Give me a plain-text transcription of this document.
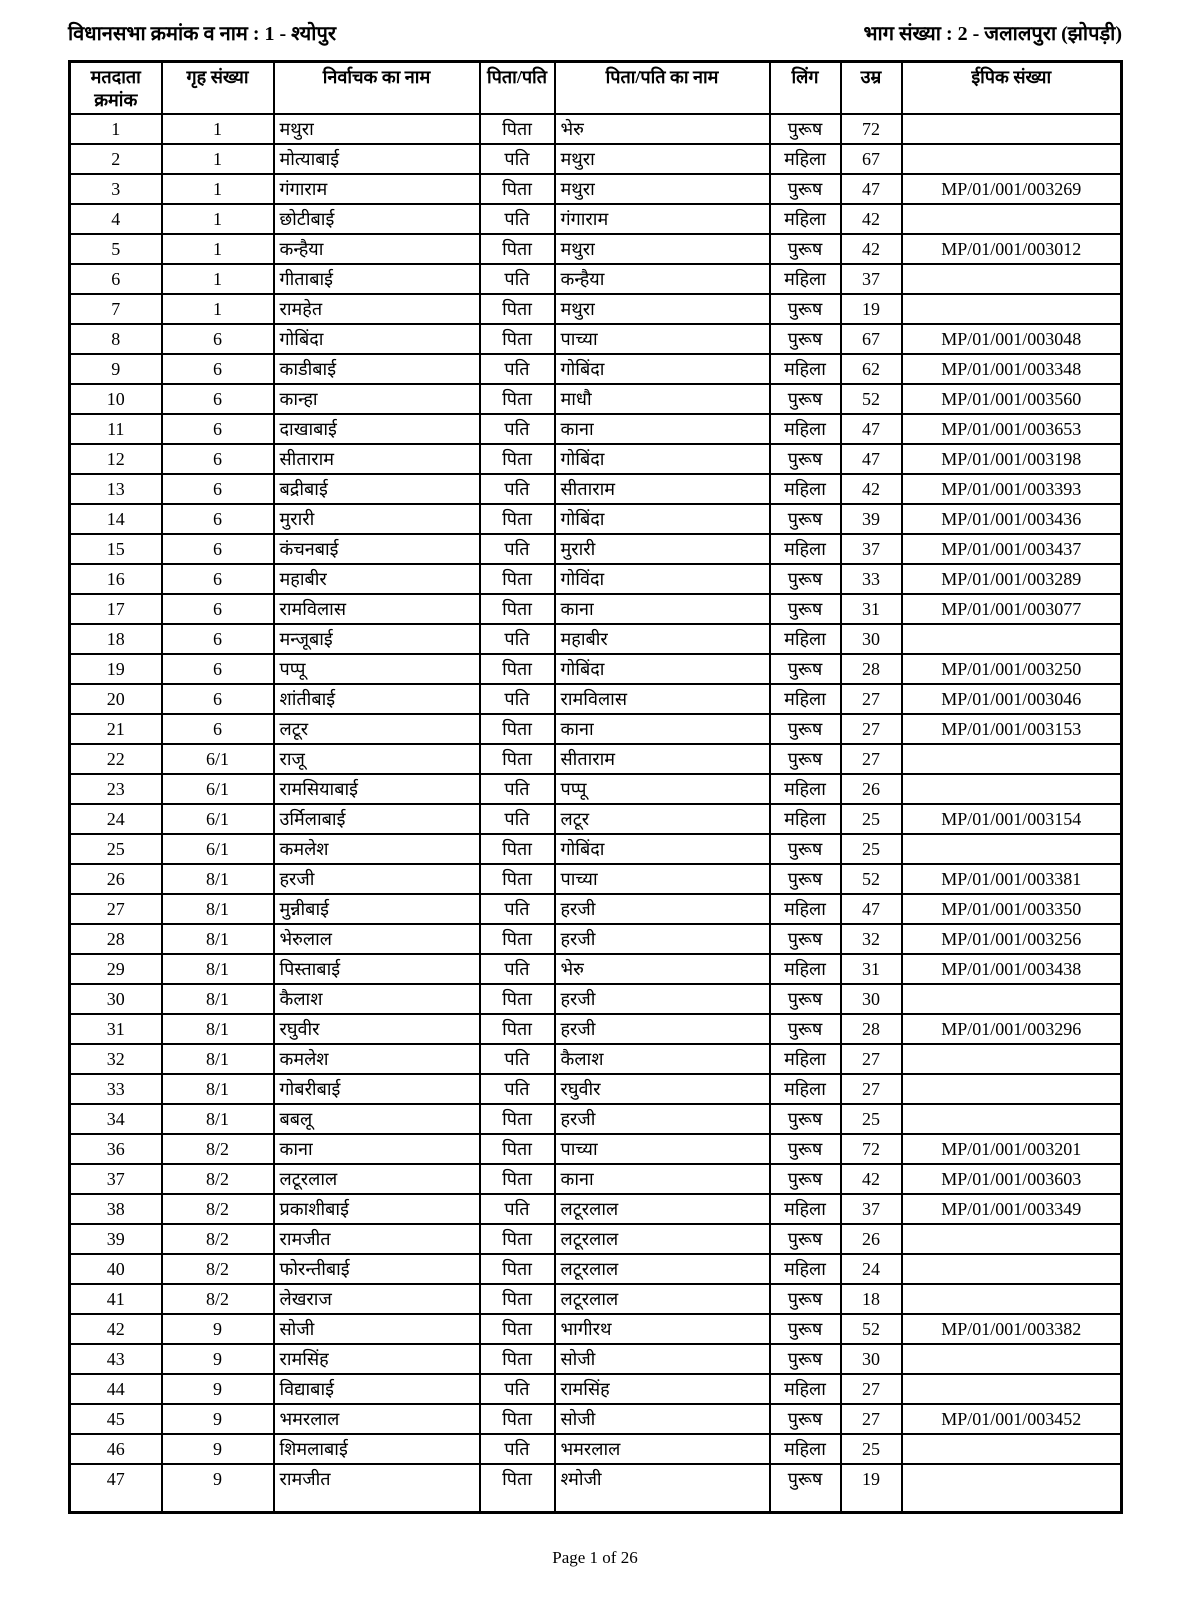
विधानसभा क्रमांक व नाम : 1 - श्योपुर	भाग संख्या : 2 - जलालपुरा (झोपड़ी)
मतदाता
क्रमांक	गृह संख्या	निर्वाचक का नाम	पिता/पति	पिता/पति का नाम	लिंग	उम्र	ईपिक संख्या
1	1	मथुरा	पिता	भेरु	पुरूष	72	
2	1	मोत्याबाई	पति	मथुरा	महिला	67	
3	1	गंगाराम	पिता	मथुरा	पुरूष	47	MP/01/001/003269
4	1	छोटीबाई	पति	गंगाराम	महिला	42	
5	1	कन्हैया	पिता	मथुरा	पुरूष	42	MP/01/001/003012
6	1	गीताबाई	पति	कन्हैया	महिला	37	
7	1	रामहेत	पिता	मथुरा	पुरूष	19	
8	6	गोबिंदा	पिता	पाच्या	पुरूष	67	MP/01/001/003048
9	6	काडीबाई	पति	गोबिंदा	महिला	62	MP/01/001/003348
10	6	कान्हा	पिता	माधौ	पुरूष	52	MP/01/001/003560
11	6	दाखाबाई	पति	काना	महिला	47	MP/01/001/003653
12	6	सीताराम	पिता	गोबिंदा	पुरूष	47	MP/01/001/003198
13	6	बद्रीबाई	पति	सीताराम	महिला	42	MP/01/001/003393
14	6	मुरारी	पिता	गोबिंदा	पुरूष	39	MP/01/001/003436
15	6	कंचनबाई	पति	मुरारी	महिला	37	MP/01/001/003437
16	6	महाबीर	पिता	गोविंदा	पुरूष	33	MP/01/001/003289
17	6	रामविलास	पिता	काना	पुरूष	31	MP/01/001/003077
18	6	मन्जूबाई	पति	महाबीर	महिला	30	
19	6	पप्पू	पिता	गोबिंदा	पुरूष	28	MP/01/001/003250
20	6	शांतीबाई	पति	रामविलास	महिला	27	MP/01/001/003046
21	6	लटूर	पिता	काना	पुरूष	27	MP/01/001/003153
22	6/1	राजू	पिता	सीताराम	पुरूष	27	
23	6/1	रामसियाबाई	पति	पप्पू	महिला	26	
24	6/1	उर्मिलाबाई	पति	लटूर	महिला	25	MP/01/001/003154
25	6/1	कमलेश	पिता	गोबिंदा	पुरूष	25	
26	8/1	हरजी	पिता	पाच्या	पुरूष	52	MP/01/001/003381
27	8/1	मुन्नीबाई	पति	हरजी	महिला	47	MP/01/001/003350
28	8/1	भेरुलाल	पिता	हरजी	पुरूष	32	MP/01/001/003256
29	8/1	पिस्ताबाई	पति	भेरु	महिला	31	MP/01/001/003438
30	8/1	कैलाश	पिता	हरजी	पुरूष	30	
31	8/1	रघुवीर	पिता	हरजी	पुरूष	28	MP/01/001/003296
32	8/1	कमलेश	पति	कैलाश	महिला	27	
33	8/1	गोबरीबाई	पति	रघुवीर	महिला	27	
34	8/1	बबलू	पिता	हरजी	पुरूष	25	
36	8/2	काना	पिता	पाच्या	पुरूष	72	MP/01/001/003201
37	8/2	लटूरलाल	पिता	काना	पुरूष	42	MP/01/001/003603
38	8/2	प्रकाशीबाई	पति	लटूरलाल	महिला	37	MP/01/001/003349
39	8/2	रामजीत	पिता	लटूरलाल	पुरूष	26	
40	8/2	फोरन्तीबाई	पिता	लटूरलाल	महिला	24	
41	8/2	लेखराज	पिता	लटूरलाल	पुरूष	18	
42	9	सोजी	पिता	भागीरथ	पुरूष	52	MP/01/001/003382
43	9	रामसिंह	पिता	सोजी	पुरूष	30	
44	9	विद्याबाई	पति	रामसिंह	महिला	27	
45	9	भमरलाल	पिता	सोजी	पुरूष	27	MP/01/001/003452
46	9	शिमलाबाई	पति	भमरलाल	महिला	25	
47	9	रामजीत	पिता	श्मोजी	पुरूष	19	
Page 1 of 26
